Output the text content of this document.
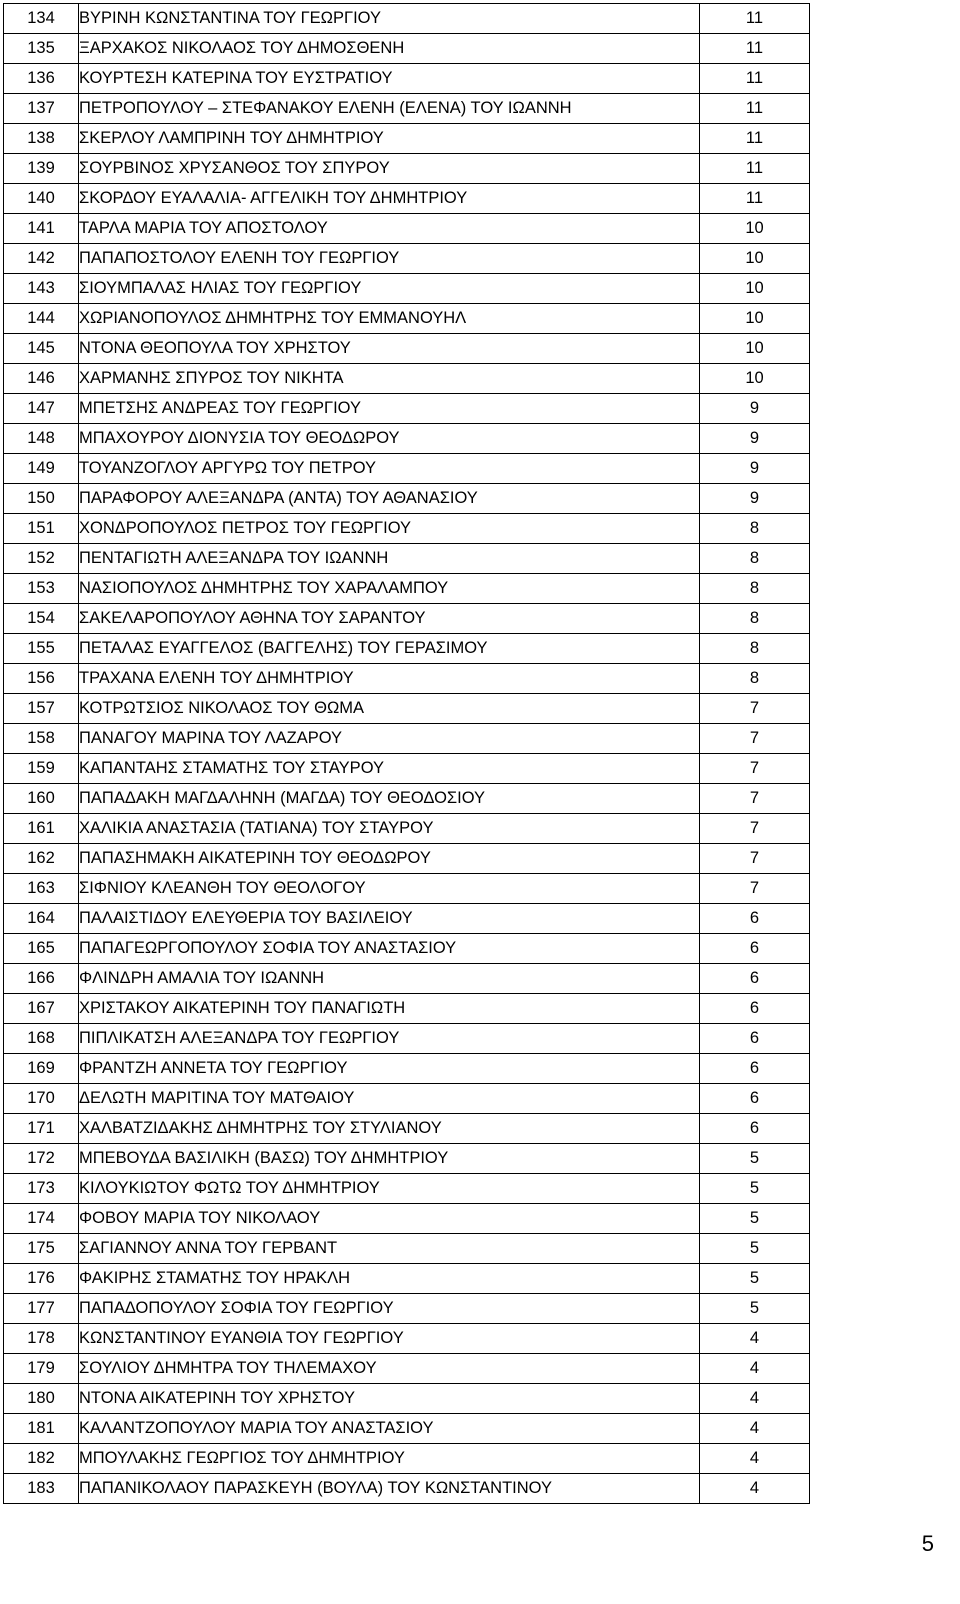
134	ΒΥΡΙΝΗ ΚΩΝΣΤΑΝΤΙΝΑ ΤΟΥ ΓΕΩΡΓΙΟΥ	11
135	ΞΑΡΧΑΚΟΣ ΝΙΚΟΛΑΟΣ ΤΟΥ ΔΗΜΟΣΘΕΝΗ	11
136	ΚΟΥΡΤΕΣΗ ΚΑΤΕΡΙΝΑ ΤΟΥ ΕΥΣΤΡΑΤΙΟΥ	11
137	ΠΕΤΡΟΠΟΥΛΟΥ – ΣΤΕΦΑΝΑΚΟΥ ΕΛΕΝΗ (ΕΛΕΝΑ) ΤΟΥ ΙΩΑΝΝΗ	11
138	ΣΚΕΡΛΟΥ ΛΑΜΠΡΙΝΗ ΤΟΥ ΔΗΜΗΤΡΙΟΥ	11
139	ΣΟΥΡΒΙΝΟΣ ΧΡΥΣΑΝΘΟΣ ΤΟΥ ΣΠΥΡΟΥ	11
140	ΣΚΟΡΔΟΥ ΕΥΑΛΑΛΙΑ- ΑΓΓΕΛΙΚΗ ΤΟΥ ΔΗΜΗΤΡΙΟΥ	11
141	ΤΑΡΛΑ ΜΑΡΙΑ ΤΟΥ ΑΠΟΣΤΟΛΟΥ	10
142	ΠΑΠΑΠΟΣΤΟΛΟΥ ΕΛΕΝΗ ΤΟΥ ΓΕΩΡΓΙΟΥ	10
143	ΣΙΟΥΜΠΑΛΑΣ ΗΛΙΑΣ ΤΟΥ ΓΕΩΡΓΙΟΥ	10
144	ΧΩΡΙΑΝΟΠΟΥΛΟΣ ΔΗΜΗΤΡΗΣ ΤΟΥ ΕΜΜΑΝΟΥΗΛ	10
145	ΝΤΟΝΑ ΘΕΟΠΟΥΛΑ ΤΟΥ ΧΡΗΣΤΟΥ	10
146	ΧΑΡΜΑΝΗΣ ΣΠΥΡΟΣ ΤΟΥ ΝΙΚΗΤΑ	10
147	ΜΠΕΤΣΗΣ ΑΝΔΡΕΑΣ ΤΟΥ ΓΕΩΡΓΙΟΥ	9
148	ΜΠΑΧΟΥΡΟΥ ΔΙΟΝΥΣΙΑ ΤΟΥ ΘΕΟΔΩΡΟΥ	9
149	ΤΟΥΑΝΖΟΓΛΟΥ ΑΡΓΥΡΩ ΤΟΥ ΠΕΤΡΟΥ	9
150	ΠΑΡΑΦΟΡΟΥ ΑΛΕΞΑΝΔΡΑ (ΑΝΤΑ) ΤΟΥ ΑΘΑΝΑΣΙΟΥ	9
151	ΧΟΝΔΡΟΠΟΥΛΟΣ ΠΕΤΡΟΣ ΤΟΥ ΓΕΩΡΓΙΟΥ	8
152	ΠΕΝΤΑΓΙΩΤΗ ΑΛΕΞΑΝΔΡΑ ΤΟΥ ΙΩΑΝΝΗ	8
153	ΝΑΣΙΟΠΟΥΛΟΣ ΔΗΜΗΤΡΗΣ ΤΟΥ ΧΑΡΑΛΑΜΠΟΥ	8
154	ΣΑΚΕΛΑΡΟΠΟΥΛΟΥ ΑΘΗΝΑ ΤΟΥ ΣΑΡΑΝΤΟΥ	8
155	ΠΕΤΑΛΑΣ ΕΥΑΓΓΕΛΟΣ (ΒΑΓΓΕΛΗΣ) ΤΟΥ ΓΕΡΑΣΙΜΟΥ	8
156	ΤΡΑΧΑΝΑ ΕΛΕΝΗ ΤΟΥ ΔΗΜΗΤΡΙΟΥ	8
157	ΚΟΤΡΩΤΣΙΟΣ ΝΙΚΟΛΑΟΣ ΤΟΥ ΘΩΜΑ	7
158	ΠΑΝΑΓΟΥ ΜΑΡΙΝΑ ΤΟΥ ΛΑΖΑΡΟΥ	7
159	ΚΑΠΑΝΤΑΗΣ ΣΤΑΜΑΤΗΣ ΤΟΥ ΣΤΑΥΡΟΥ	7
160	ΠΑΠΑΔΑΚΗ ΜΑΓΔΑΛΗΝΗ (ΜΑΓΔΑ) ΤΟΥ ΘΕΟΔΟΣΙΟΥ	7
161	ΧΑΛΙΚΙΑ ΑΝΑΣΤΑΣΙΑ (ΤΑΤΙΑΝΑ) ΤΟΥ ΣΤΑΥΡΟΥ	7
162	ΠΑΠΑΣΗΜΑΚΗ ΑΙΚΑΤΕΡΙΝΗ ΤΟΥ ΘΕΟΔΩΡΟΥ	7
163	ΣΙΦΝΙΟΥ ΚΛΕΑΝΘΗ ΤΟΥ ΘΕΟΛΟΓΟΥ	7
164	ΠΑΛΑΙΣΤΙΔΟΥ ΕΛΕΥΘΕΡΙΑ ΤΟΥ ΒΑΣΙΛΕΙΟΥ	6
165	ΠΑΠΑΓΕΩΡΓΟΠΟΥΛΟΥ ΣΟΦΙΑ ΤΟΥ ΑΝΑΣΤΑΣΙΟΥ	6
166	ΦΛΙΝΔΡΗ ΑΜΑΛΙΑ ΤΟΥ ΙΩΑΝΝΗ	6
167	ΧΡΙΣΤΑΚΟΥ ΑΙΚΑΤΕΡΙΝΗ ΤΟΥ ΠΑΝΑΓΙΩΤΗ	6
168	ΠΙΠΛΙΚΑΤΣΗ ΑΛΕΞΑΝΔΡΑ ΤΟΥ ΓΕΩΡΓΙΟΥ	6
169	ΦΡΑΝΤΖΗ ΑΝΝΕΤΑ ΤΟΥ ΓΕΩΡΓΙΟΥ	6
170	ΔΕΛΩΤΗ ΜΑΡΙΤΙΝΑ ΤΟΥ ΜΑΤΘΑΙΟΥ	6
171	ΧΑΛΒΑΤΖΙΔΑΚΗΣ ΔΗΜΗΤΡΗΣ ΤΟΥ ΣΤΥΛΙΑΝΟΥ	6
172	ΜΠΕΒΟΥΔΑ ΒΑΣΙΛΙΚΗ (ΒΑΣΩ) ΤΟΥ ΔΗΜΗΤΡΙΟΥ	5
173	ΚΙΛΟΥΚΙΩΤΟΥ ΦΩΤΩ ΤΟΥ ΔΗΜΗΤΡΙΟΥ	5
174	ΦΟΒΟΥ ΜΑΡΙΑ ΤΟΥ ΝΙΚΟΛΑΟΥ	5
175	ΣΑΓΙΑΝΝΟΥ ΑΝΝΑ ΤΟΥ ΓΕΡΒΑΝΤ	5
176	ΦΑΚΙΡΗΣ ΣΤΑΜΑΤΗΣ ΤΟΥ ΗΡΑΚΛΗ	5
177	ΠΑΠΑΔΟΠΟΥΛΟΥ ΣΟΦΙΑ ΤΟΥ ΓΕΩΡΓΙΟΥ	5
178	ΚΩΝΣΤΑΝΤΙΝΟΥ ΕΥΑΝΘΙΑ ΤΟΥ ΓΕΩΡΓΙΟΥ	4
179	ΣΟΥΛΙΟΥ ΔΗΜΗΤΡΑ ΤΟΥ ΤΗΛΕΜΑΧΟΥ	4
180	ΝΤΟΝΑ ΑΙΚΑΤΕΡΙΝΗ ΤΟΥ ΧΡΗΣΤΟΥ	4
181	ΚΑΛΑΝΤΖΟΠΟΥΛΟΥ ΜΑΡΙΑ ΤΟΥ ΑΝΑΣΤΑΣΙΟΥ	4
182	ΜΠΟΥΛΑΚΗΣ ΓΕΩΡΓΙΟΣ ΤΟΥ ΔΗΜΗΤΡΙΟΥ	4
183	ΠΑΠΑΝΙΚΟΛΑΟΥ ΠΑΡΑΣΚΕΥΗ (ΒΟΥΛΑ) ΤΟΥ ΚΩΝΣΤΑΝΤΙΝΟΥ	4
5
